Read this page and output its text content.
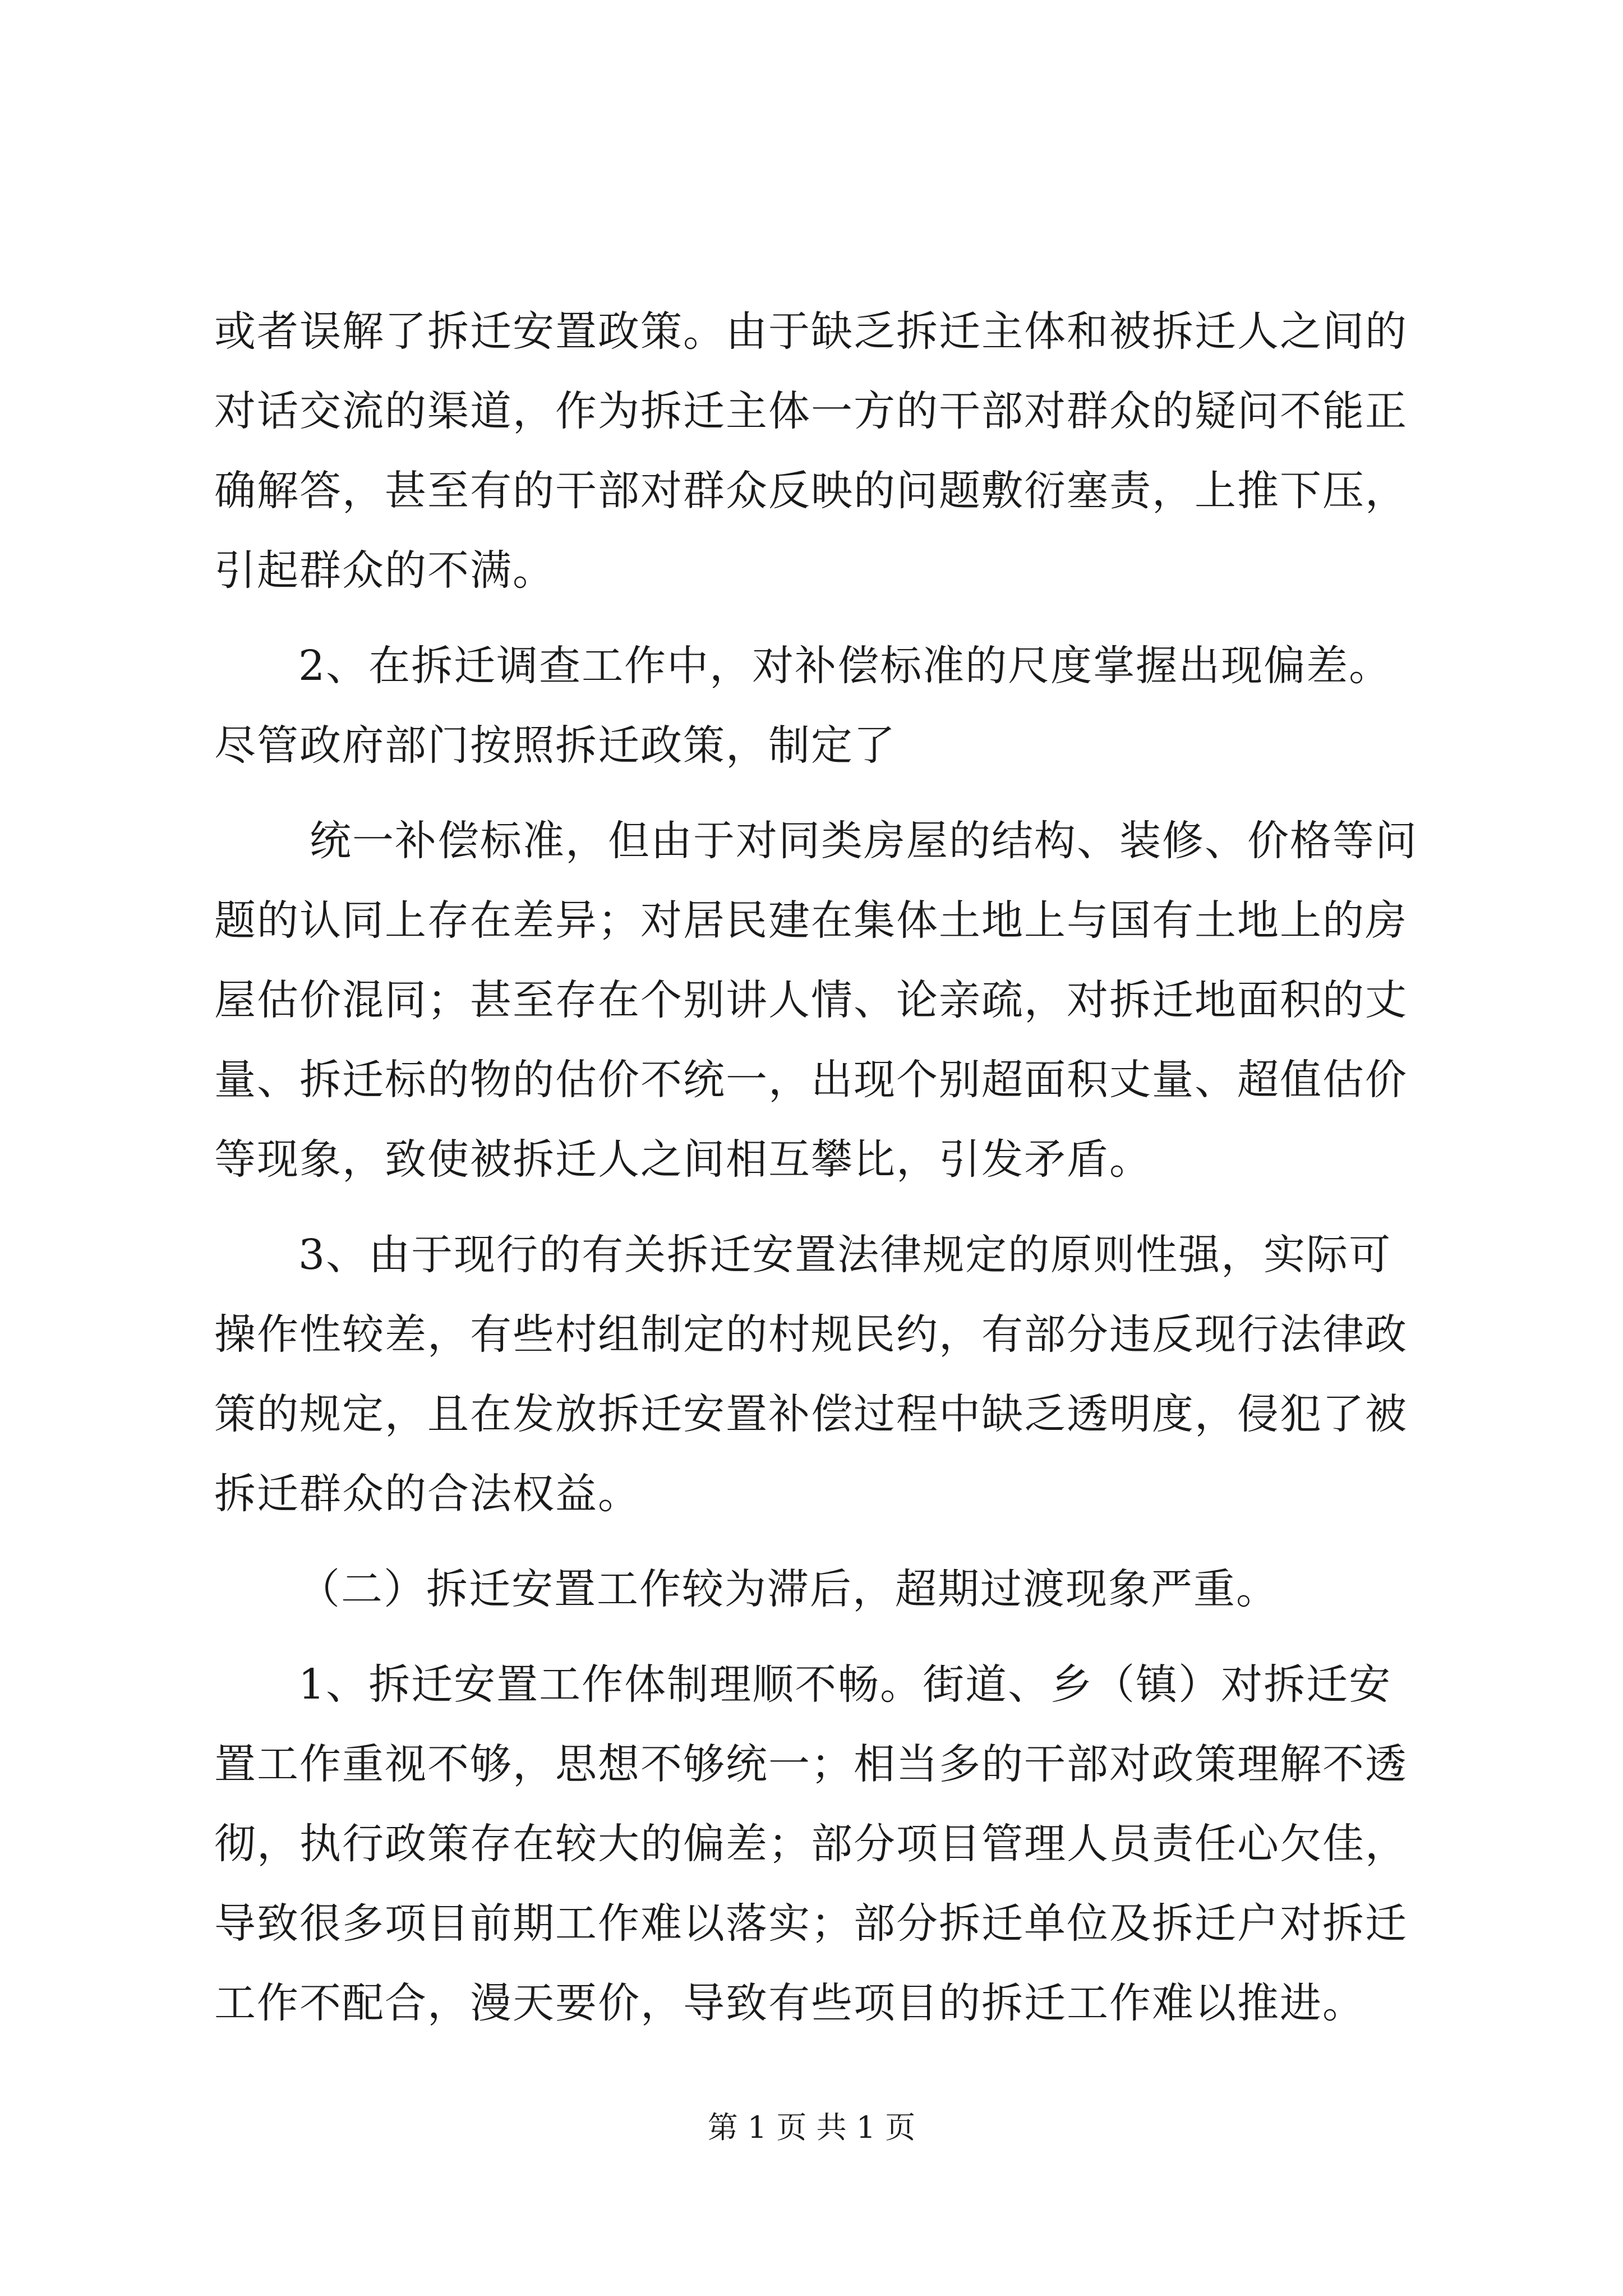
或者误解了拆迁安置政策。由于缺乏拆迁主体和被拆迁人之间的
对话交流的渠道，作为拆迁主体一方的干部对群众的疑问不能正
确解答，甚至有的干部对群众反映的问题敷衍塞责，上推下压，
引起群众的不满。
2、在拆迁调查工作中，对补偿标准的尺度掌握出现偏差。
尽管政府部门按照拆迁政策，制定了
统一补偿标准，但由于对同类房屋的结构、装修、价格等问
题的认同上存在差异；对居民建在集体土地上与国有土地上的房
屋估价混同；甚至存在个别讲人情、论亲疏，对拆迁地面积的丈
量、拆迁标的物的估价不统一，出现个别超面积丈量、超值估价
等现象，致使被拆迁人之间相互攀比，引发矛盾。
3、由于现行的有关拆迁安置法律规定的原则性强，实际可
操作性较差，有些村组制定的村规民约，有部分违反现行法律政
策的规定，且在发放拆迁安置补偿过程中缺乏透明度，侵犯了被
拆迁群众的合法权益。
（二）拆迁安置工作较为滞后，超期过渡现象严重。
1、拆迁安置工作体制理顺不畅。街道、乡（镇）对拆迁安
置工作重视不够，思想不够统一；相当多的干部对政策理解不透
彻，执行政策存在较大的偏差；部分项目管理人员责任心欠佳，
导致很多项目前期工作难以落实；部分拆迁单位及拆迁户对拆迁
工作不配合，漫天要价，导致有些项目的拆迁工作难以推进。
第 1 页 共 1 页
